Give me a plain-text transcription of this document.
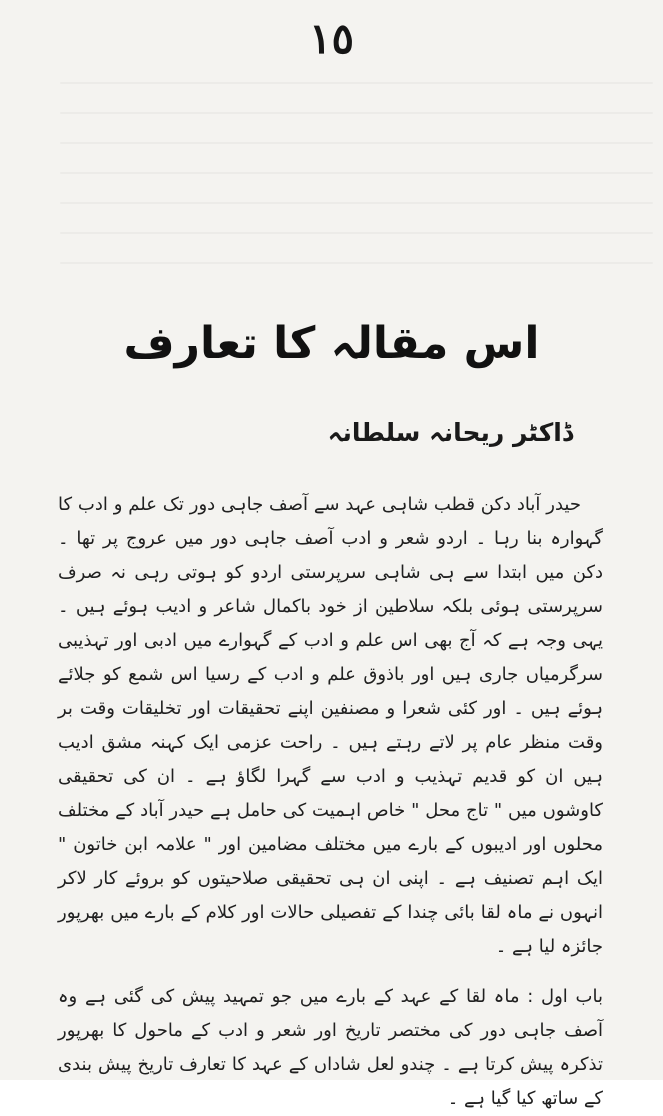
١٥
اس مقالہ کا تعارف
ڈاکٹر ریحانہ سلطانہ

حیدر آباد دکن قطب شاہی عہد سے آصف جاہی دور تک علم و ادب کا گہوارہ بنا رہا ۔ اردو شعر و ادب آصف جاہی دور میں عروج پر تھا ۔ دکن میں ابتدا سے ہی شاہی سرپرستی اردو کو ہوتی رہی نہ صرف سرپرستی ہوئی بلکہ سلاطین از خود باکمال شاعر و ادیب ہوئے ہیں ۔ یہی وجہ ہے کہ آج بھی اس علم و ادب کے گہوارے میں ادبی اور تہذیبی سرگرمیاں جاری ہیں اور باذوق علم و ادب کے رسیا اس شمع کو جلائے ہوئے ہیں ۔ اور کئی شعرا و مصنفین اپنے تحقیقات اور تخلیقات وقت بر وقت منظر عام پر لاتے رہتے ہیں ۔ راحت عزمی ایک کہنہ مشق ادیب ہیں ان کو قدیم تہذیب و ادب سے گہرا لگاؤ ہے ۔ ان کی تحقیقی کاوشوں میں " تاج محل " خاص اہمیت کی حامل ہے حیدر آباد کے مختلف محلوں اور ادیبوں کے بارے میں مختلف مضامین اور " علامہ ابن خاتون " ایک اہم تصنیف ہے ۔ اپنی ان ہی تحقیقی صلاحیتوں کو بروئے کار لاکر انہوں نے ماہ لقا بائی چندا کے تفصیلی حالات اور کلام کے بارے میں بھرپور جائزہ لیا ہے ۔

باب اول : ماہ لقا کے عہد کے بارے میں جو تمہید پیش کی گئی ہے وہ آصف جاہی دور کی مختصر تاریخ اور شعر و ادب کے ماحول کا بھرپور تذکرہ پیش کرتا ہے ۔ چندو لعل شاداں کے عہد کا تعارف تاریخ پیش بندی کے ساتھ کیا گیا ہے ۔
